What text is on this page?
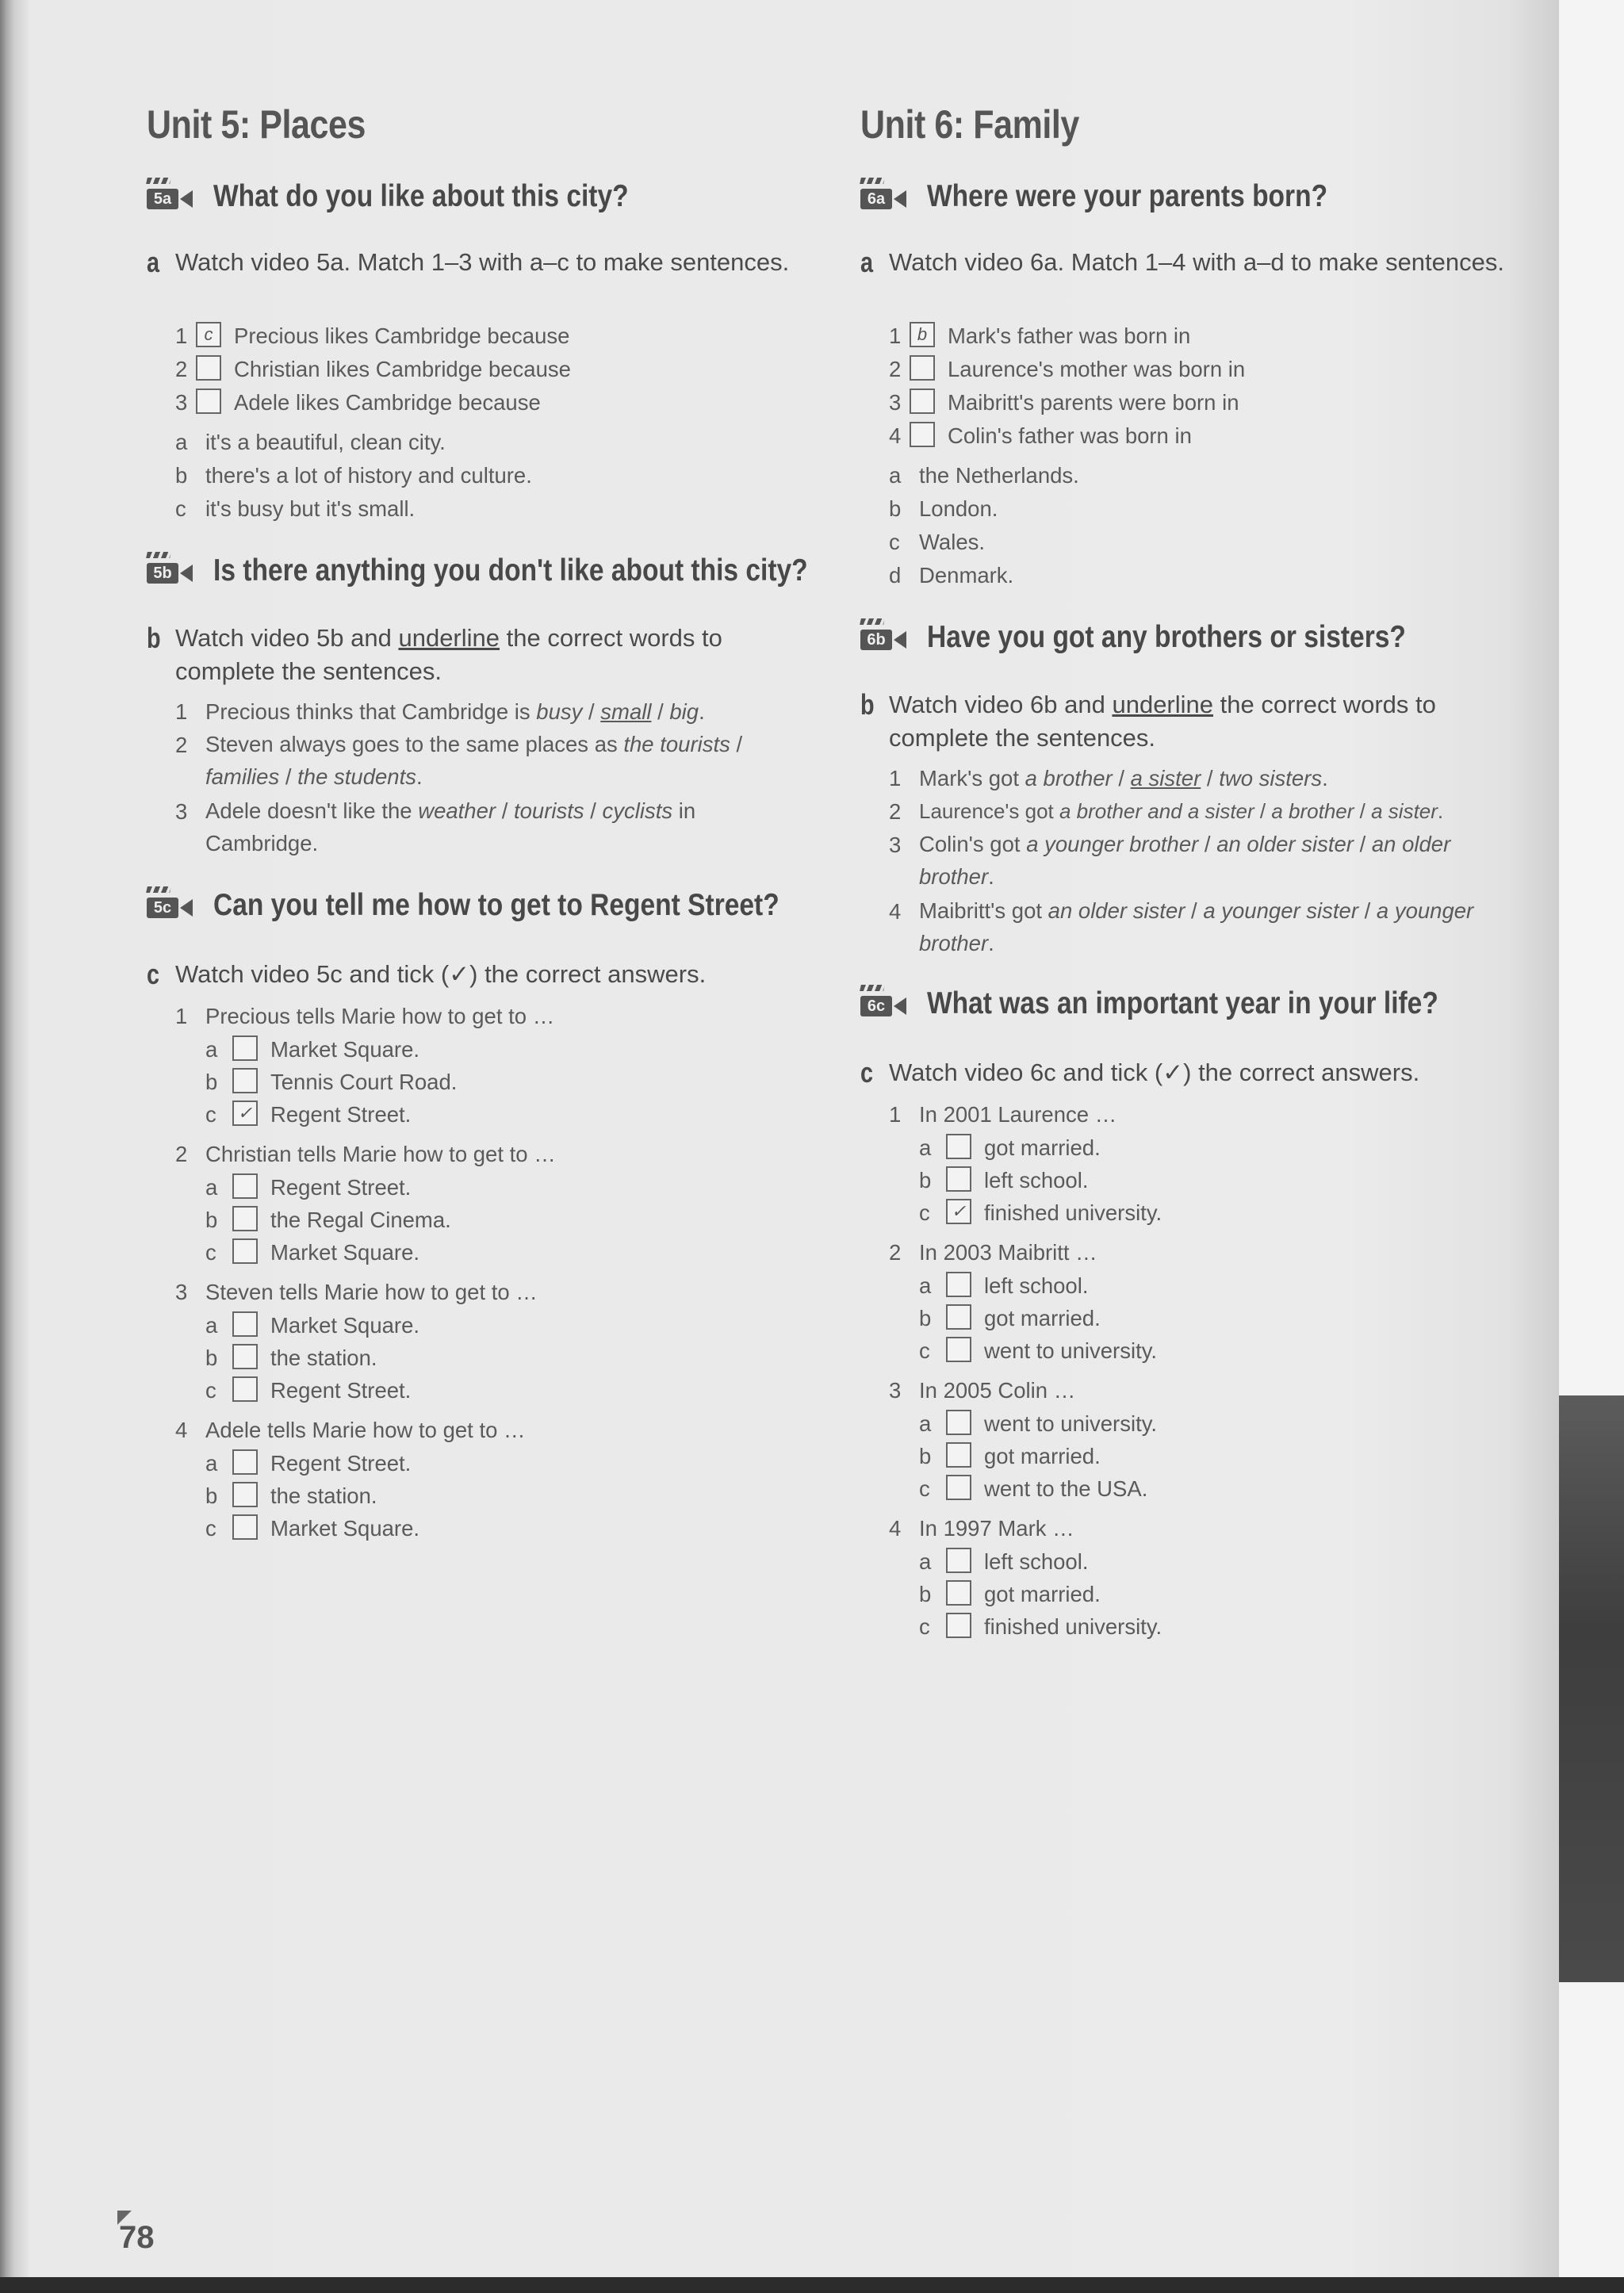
Unit 5: Places
5a What do you like about this city?
a Watch video 5a. Match 1–3 with a–c to make sentences.
1 c Precious likes Cambridge because
2	Christian likes Cambridge because
3	Adele likes Cambridge because
a it's a beautiful, clean city.
b there's a lot of history and culture.
c it's busy but it's small.
5b Is there anything you don't like about this city?
b Watch video 5b and underline the correct words to complete the sentences.
1 Precious thinks that Cambridge is busy / small / big.
2 Steven always goes to the same places as the tourists / families / the students.
3 Adele doesn't like the weather / tourists / cyclists in Cambridge.
5c Can you tell me how to get to Regent Street?
c Watch video 5c and tick (✓) the correct answers.
1 Precious tells Marie how to get to …
a Market Square.
b Tennis Court Road.
c	✓ Regent Street.
2 Christian tells Marie how to get to …
a Regent Street.
b the Regal Cinema.
c Market Square.
3 Steven tells Marie how to get to …
a Market Square.
b the station.
c Regent Street.
4 Adele tells Marie how to get to …
a Regent Street.
b the station.
c Market Square.
Unit 6: Family
6a Where were your parents born?
a Watch video 6a. Match 1–4 with a–d to make sentences.
1 b Mark's father was born in
2	Laurence's mother was born in
3	Maibritt's parents were born in
4	Colin's father was born in
a the Netherlands.
b London.
c Wales.
d Denmark.
6b Have you got any brothers or sisters?
b Watch video 6b and underline the correct words to complete the sentences.
1 Mark's got a brother / a sister / two sisters.
2 Laurence's got a brother and a sister / a brother / a sister.
3 Colin's got a younger brother / an older sister / an older brother.
4 Maibritt's got an older sister / a younger sister / a younger brother.
6c What was an important year in your life?
c Watch video 6c and tick (✓) the correct answers.
1 In 2001 Laurence …
a got married.
b left school.
c	✓ finished university.
2 In 2003 Maibritt …
a left school.
b got married.
c went to university.
3 In 2005 Colin …
a went to university.
b got married.
c went to the USA.
4 In 1997 Mark …
a left school.
b got married.
c finished university.
78
